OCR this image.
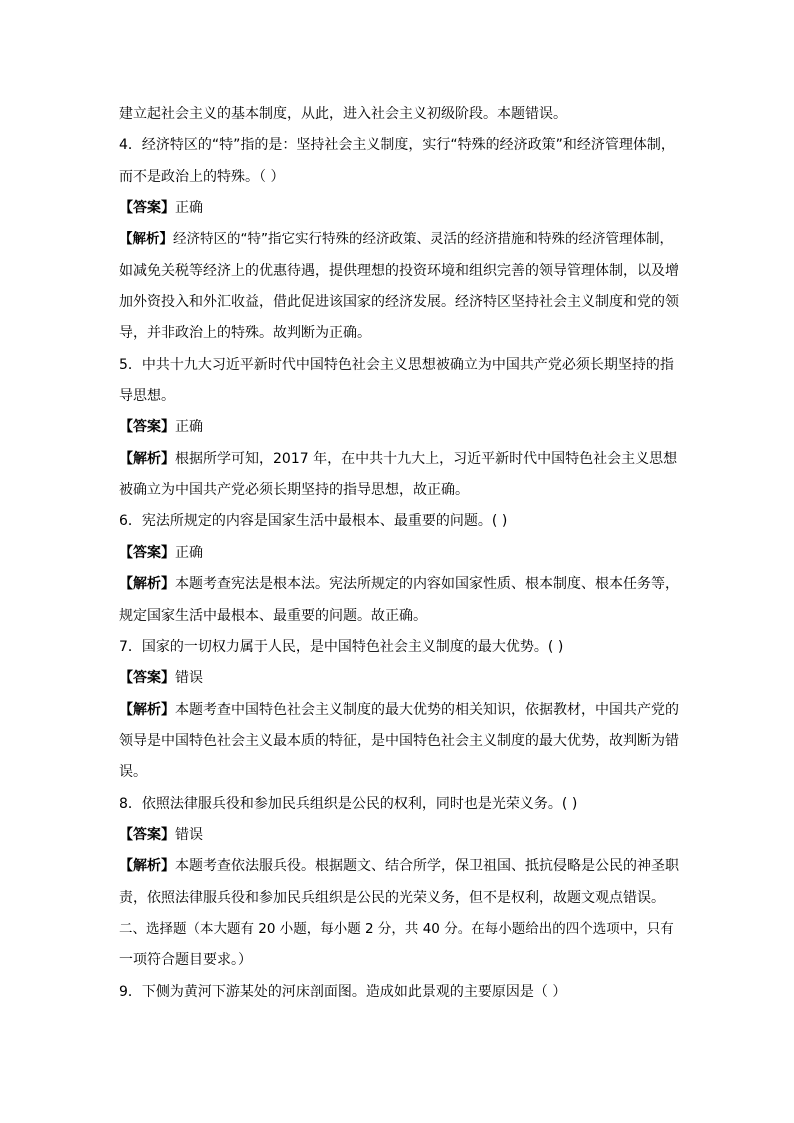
建立起社会主义的基本制度，从此，进入社会主义初级阶段。本题错误。
4．经济特区的“特”指的是：坚持社会主义制度，实行“特殊的经济政策”和经济管理体制，
而不是政治上的特殊。（ ）
【答案】正确
【解析】经济特区的“特”指它实行特殊的经济政策、灵活的经济措施和特殊的经济管理体制，
如减免关税等经济上的优惠待遇，提供理想的投资环境和组织完善的领导管理体制，以及增
加外资投入和外汇收益，借此促进该国家的经济发展。经济特区坚持社会主义制度和党的领
导，并非政治上的特殊。故判断为正确。
5．中共十九大习近平新时代中国特色社会主义思想被确立为中国共产党必须长期坚持的指
导思想。
【答案】正确
【解析】根据所学可知，2017 年，在中共十九大上，习近平新时代中国特色社会主义思想
被确立为中国共产党必须长期坚持的指导思想，故正确。
6．宪法所规定的内容是国家生活中最根本、最重要的问题。( )
【答案】正确
【解析】本题考查宪法是根本法。宪法所规定的内容如国家性质、根本制度、根本任务等，
规定国家生活中最根本、最重要的问题。故正确。
7．国家的一切权力属于人民，是中国特色社会主义制度的最大优势。( )
【答案】错误
【解析】本题考查中国特色社会主义制度的最大优势的相关知识，依据教材，中国共产党的
领导是中国特色社会主义最本质的特征，是中国特色社会主义制度的最大优势，故判断为错
误。
8．依照法律服兵役和参加民兵组织是公民的权利，同时也是光荣义务。( )
【答案】错误
【解析】本题考查依法服兵役。根据题文、结合所学，保卫祖国、抵抗侵略是公民的神圣职
责，依照法律服兵役和参加民兵组织是公民的光荣义务，但不是权利，故题文观点错误。
二、选择题（本大题有 20 小题，每小题 2 分，共 40 分。在每小题给出的四个选项中，只有
一项符合题目要求。）
9．下侧为黄河下游某处的河床剖面图。造成如此景观的主要原因是（ ）
